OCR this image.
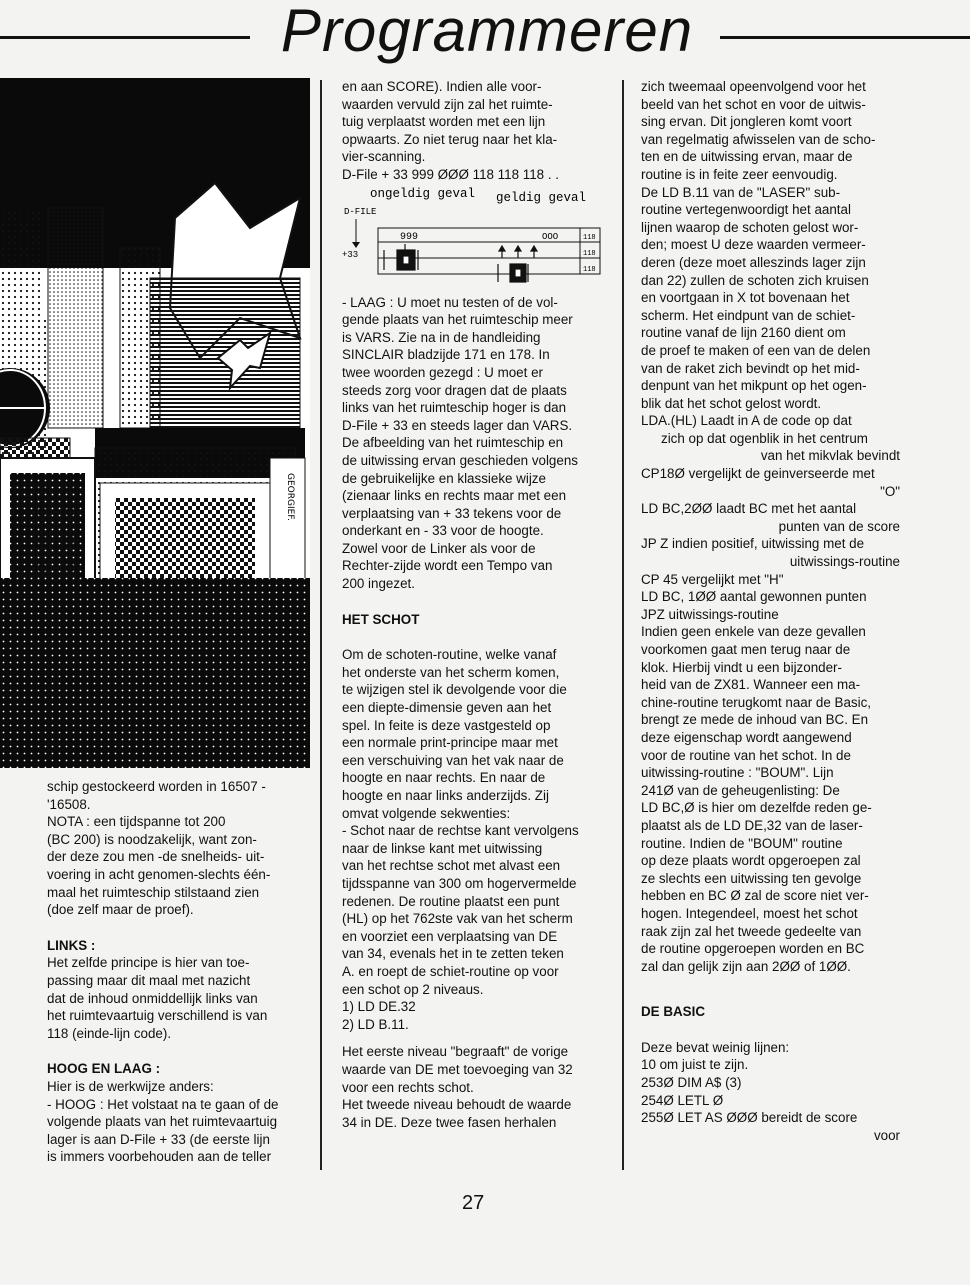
Programmeren
GEORGIEF.

schip gestockeerd worden in 16507 -

'16508.

NOTA : een tijdspanne tot 200

(BC 200) is noodzakelijk, want zon-

der deze zou men -de snelheids- uit-

voering in acht genomen-slechts één-

maal het ruimteschip stilstaand zien

(doe zelf maar de proef).

LINKS :

Het zelfde principe is hier van toe-

passing maar dit maal met nazicht

dat de inhoud onmiddellijk links van

het ruimtevaartuig verschillend is van

118 (einde-lijn code).

HOOG EN LAAG :

Hier is de werkwijze anders:

- HOOG : Het volstaat na te gaan of de

volgende plaats van het ruimtevaartuig

lager is aan D-File + 33 (de eerste lijn

is immers voorbehouden aan de teller

en aan SCORE). Indien alle voor-

waarden vervuld zijn zal het ruimte-

tuig verplaatst worden met een lijn

opwaarts. Zo niet terug naar het kla-

vier-scanning.

D-File + 33 999 ØØØ 118 118 118 . .

ongeldig geval geldig geval
D-FILE
+33
999	OOO	118
118
118

- LAAG : U moet nu testen of de vol-

gende plaats van het ruimteschip meer

is VARS. Zie na in de handleiding

SINCLAIR bladzijde 171 en 178. In

twee woorden gezegd : U moet er

steeds zorg voor dragen dat de plaats

links van het ruimteschip hoger is dan

D-File + 33 en steeds lager dan VARS.

De afbeelding van het ruimteschip en

de uitwissing ervan geschieden volgens

de gebruikelijke en klassieke wijze

(zienaar links en rechts maar met een

verplaatsing van + 33 tekens voor de

onderkant en - 33 voor de hoogte.

Zowel voor de Linker als voor de

Rechter-zijde wordt een Tempo van

200 ingezet.

HET SCHOT

Om de schoten-routine, welke vanaf

het onderste van het scherm komen,

te wijzigen stel ik devolgende voor die

een diepte-dimensie geven aan het

spel. In feite is deze vastgesteld op

een normale print-principe maar met

een verschuiving van het vak naar de

hoogte en naar rechts. En naar de

hoogte en naar links anderzijds. Zij

omvat volgende sekwenties:

- Schot naar de rechtse kant vervolgens

naar de linkse kant met uitwissing

van het rechtse schot met alvast een

tijdsspanne van 300 om hogervermelde

redenen. De routine plaatst een punt

(HL) op het 762ste vak van het scherm

en voorziet een verplaatsing van DE

van 34, evenals het in te zetten teken

A. en roept de schiet-routine op voor

een schot op 2 niveaus.

1) LD DE.32

2) LD B.11.

Het eerste niveau "begraaft" de vorige

waarde van DE met toevoeging van 32

voor een rechts schot.

Het tweede niveau behoudt de waarde

34 in DE. Deze twee fasen herhalen

zich tweemaal opeenvolgend voor het

beeld van het schot en voor de uitwis-

sing ervan. Dit jongleren komt voort

van regelmatig afwisselen van de scho-

ten en de uitwissing ervan, maar de

routine is in feite zeer eenvoudig.

De LD B.11 van de "LASER" sub-

routine vertegenwoordigt het aantal

lijnen waarop de schoten gelost wor-

den; moest U deze waarden vermeer-

deren (deze moet alleszinds lager zijn

dan 22) zullen de schoten zich kruisen

en voortgaan in X tot bovenaan het

scherm. Het eindpunt van de schiet-

routine vanaf de lijn 2160 dient om

de proef te maken of een van de delen

van de raket zich bevindt op het mid-

denpunt van het mikpunt op het ogen-

blik dat het schot gelost wordt.

LDA.(HL) Laadt in A de code op dat

zich op dat ogenblik in het centrum

van het mikvlak bevindt

CP18Ø vergelijkt de geinverseerde met

"O"

LD BC,2ØØ laadt BC met het aantal

punten van de score

JP Z indien positief, uitwissing met de

uitwissings-routine

CP 45 vergelijkt met "H"

LD BC, 1ØØ aantal gewonnen punten

JPZ uitwissings-routine

Indien geen enkele van deze gevallen

voorkomen gaat men terug naar de

klok. Hierbij vindt u een bijzonder-

heid van de ZX81. Wanneer een ma-

chine-routine terugkomt naar de Basic,

brengt ze mede de inhoud van BC. En

deze eigenschap wordt aangewend

voor de routine van het schot. In de

uitwissing-routine : "BOUM". Lijn

241Ø van de geheugenlisting: De

LD BC,Ø is hier om dezelfde reden ge-

plaatst als de LD DE,32 van de laser-

routine. Indien de "BOUM" routine

op deze plaats wordt opgeroepen zal

ze slechts een uitwissing ten gevolge

hebben en BC Ø zal de score niet ver-

hogen. Integendeel, moest het schot

raak zijn zal het tweede gedeelte van

de routine opgeroepen worden en BC

zal dan gelijk zijn aan 2ØØ of 1ØØ.

DE BASIC

Deze bevat weinig lijnen:

10 om juist te zijn.

253Ø DIM A$ (3)

254Ø LETL Ø

255Ø LET AS ØØØ bereidt de score

voor

27
